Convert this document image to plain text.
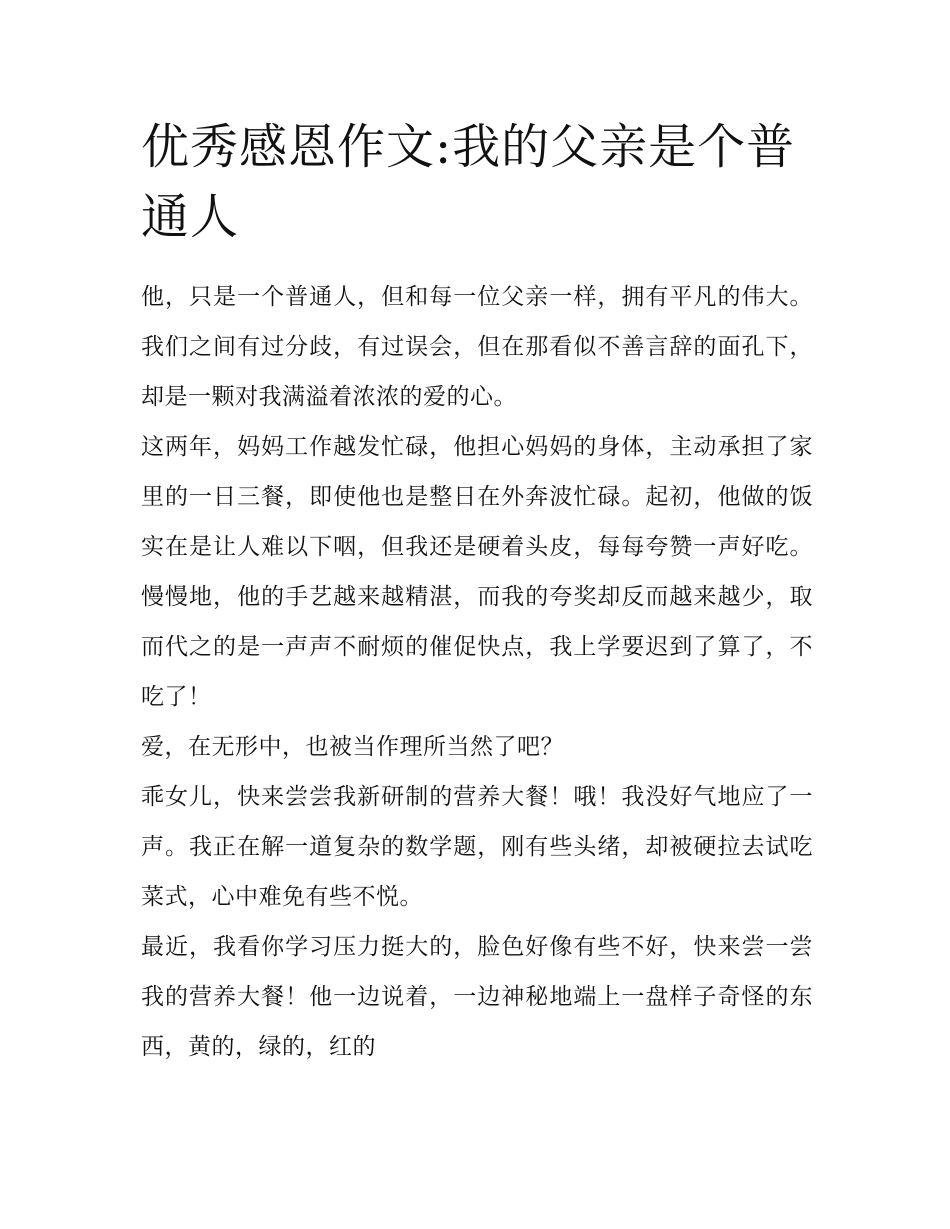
优秀感恩作文:我的父亲是个普通人

他，只是一个普通人，但和每一位父亲一样，拥有平凡的伟大。 我们之间有过分歧，有过误会，但在那看似不善言辞的面孔下，却是一颗对我满溢着浓浓的爱的心。

这两年，妈妈工作越发忙碌，他担心妈妈的身体，主动承担了家里的一日三餐，即使他也是整日在外奔波忙碌。起初，他做的饭实在是让人难以下咽，但我还是硬着头皮，每每夸赞一声好吃。慢慢地，他的手艺越来越精湛，而我的夸奖却反而越来越少，取而代之的是一声声不耐烦的催促快点，我上学要迟到了算了，不吃了！

爱，在无形中，也被当作理所当然了吧？

乖女儿，快来尝尝我新研制的营养大餐！哦！我没好气地应了一声。我正在解一道复杂的数学题，刚有些头绪，却被硬拉去试吃菜式，心中难免有些不悦。

最近，我看你学习压力挺大的，脸色好像有些不好，快来尝一尝我的营养大餐！他一边说着，一边神秘地端上一盘样子奇怪的东西，黄的，绿的，红的
